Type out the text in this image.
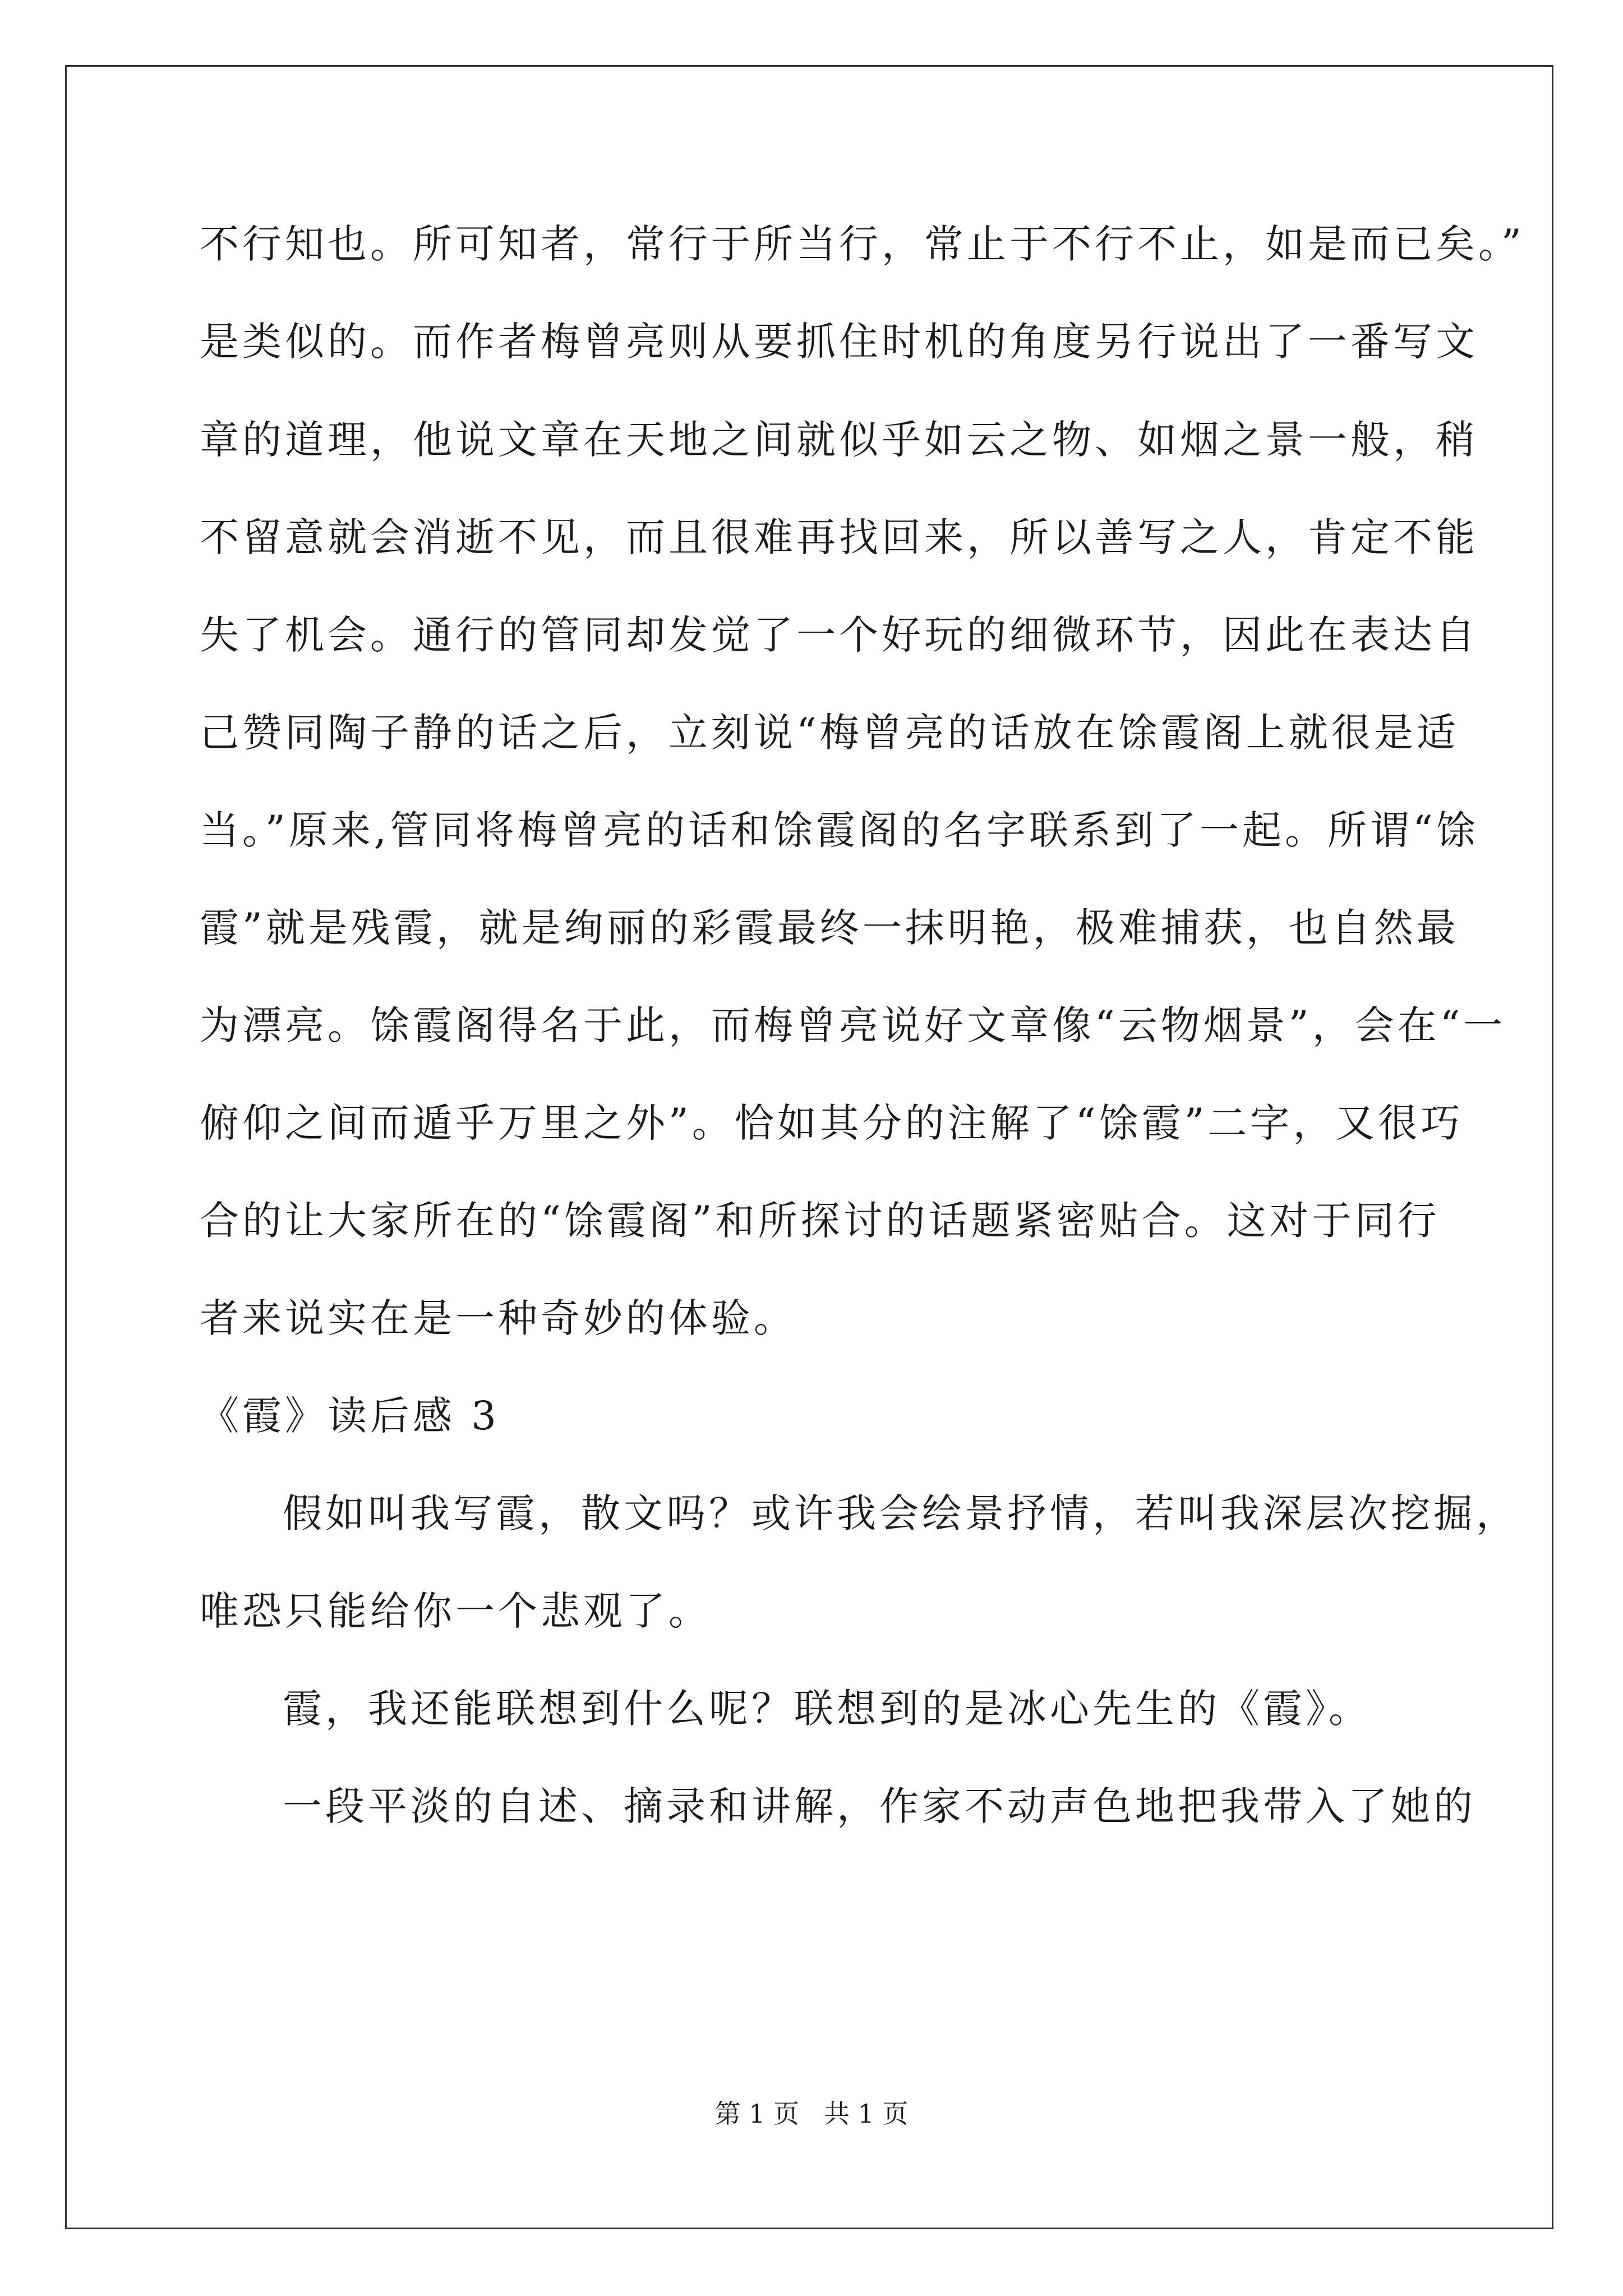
不行知也。所可知者，常行于所当行，常止于不行不止，如是而已矣。”
是类似的。而作者梅曾亮则从要抓住时机的角度另行说出了一番写文
章的道理，他说文章在天地之间就似乎如云之物、如烟之景一般，稍
不留意就会消逝不见，而且很难再找回来，所以善写之人，肯定不能
失了机会。通行的管同却发觉了一个好玩的细微环节，因此在表达自
己赞同陶子静的话之后，立刻说“梅曾亮的话放在馀霞阁上就很是适
当。”原来,管同将梅曾亮的话和馀霞阁的名字联系到了一起。所谓“馀
霞”就是残霞，就是绚丽的彩霞最终一抹明艳，极难捕获，也自然最
为漂亮。馀霞阁得名于此，而梅曾亮说好文章像“云物烟景”，会在“一
俯仰之间而遁乎万里之外”。恰如其分的注解了“馀霞”二字，又很巧
合的让大家所在的“馀霞阁”和所探讨的话题紧密贴合。这对于同行
者来说实在是一种奇妙的体验。
《霞》读后感 3
假如叫我写霞，散文吗？或许我会绘景抒情，若叫我深层次挖掘，
唯恐只能给你一个悲观了。
霞，我还能联想到什么呢？联想到的是冰心先生的《霞》。
一段平淡的自述、摘录和讲解，作家不动声色地把我带入了她的
第 1 页 共 1 页
